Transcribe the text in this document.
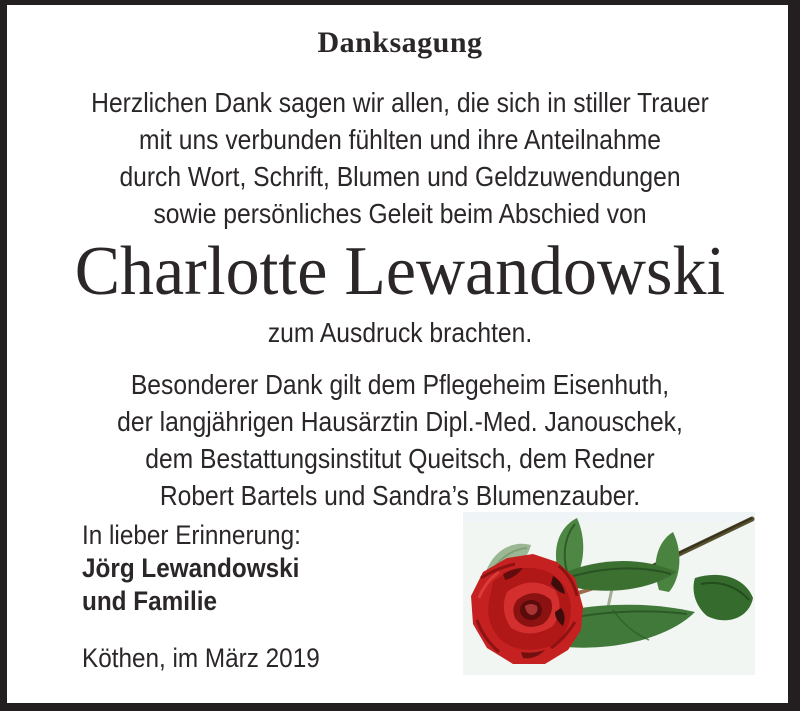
Danksagung
Herzlichen Dank sagen wir allen, die sich in stiller Trauer
mit uns verbunden fühlten und ihre Anteilnahme
durch Wort, Schrift, Blumen und Geldzuwendungen
sowie persönliches Geleit beim Abschied von
Charlotte Lewandowski
zum Ausdruck brachten.
Besonderer Dank gilt dem Pflegeheim Eisenhuth,
der langjährigen Hausärztin Dipl.-Med. Janouschek,
dem Bestattungsinstitut Queitsch, dem Redner
Robert Bartels und Sandra’s Blumenzauber.
In lieber Erinnerung:
Jörg Lewandowski
und Familie
Köthen, im März 2019
